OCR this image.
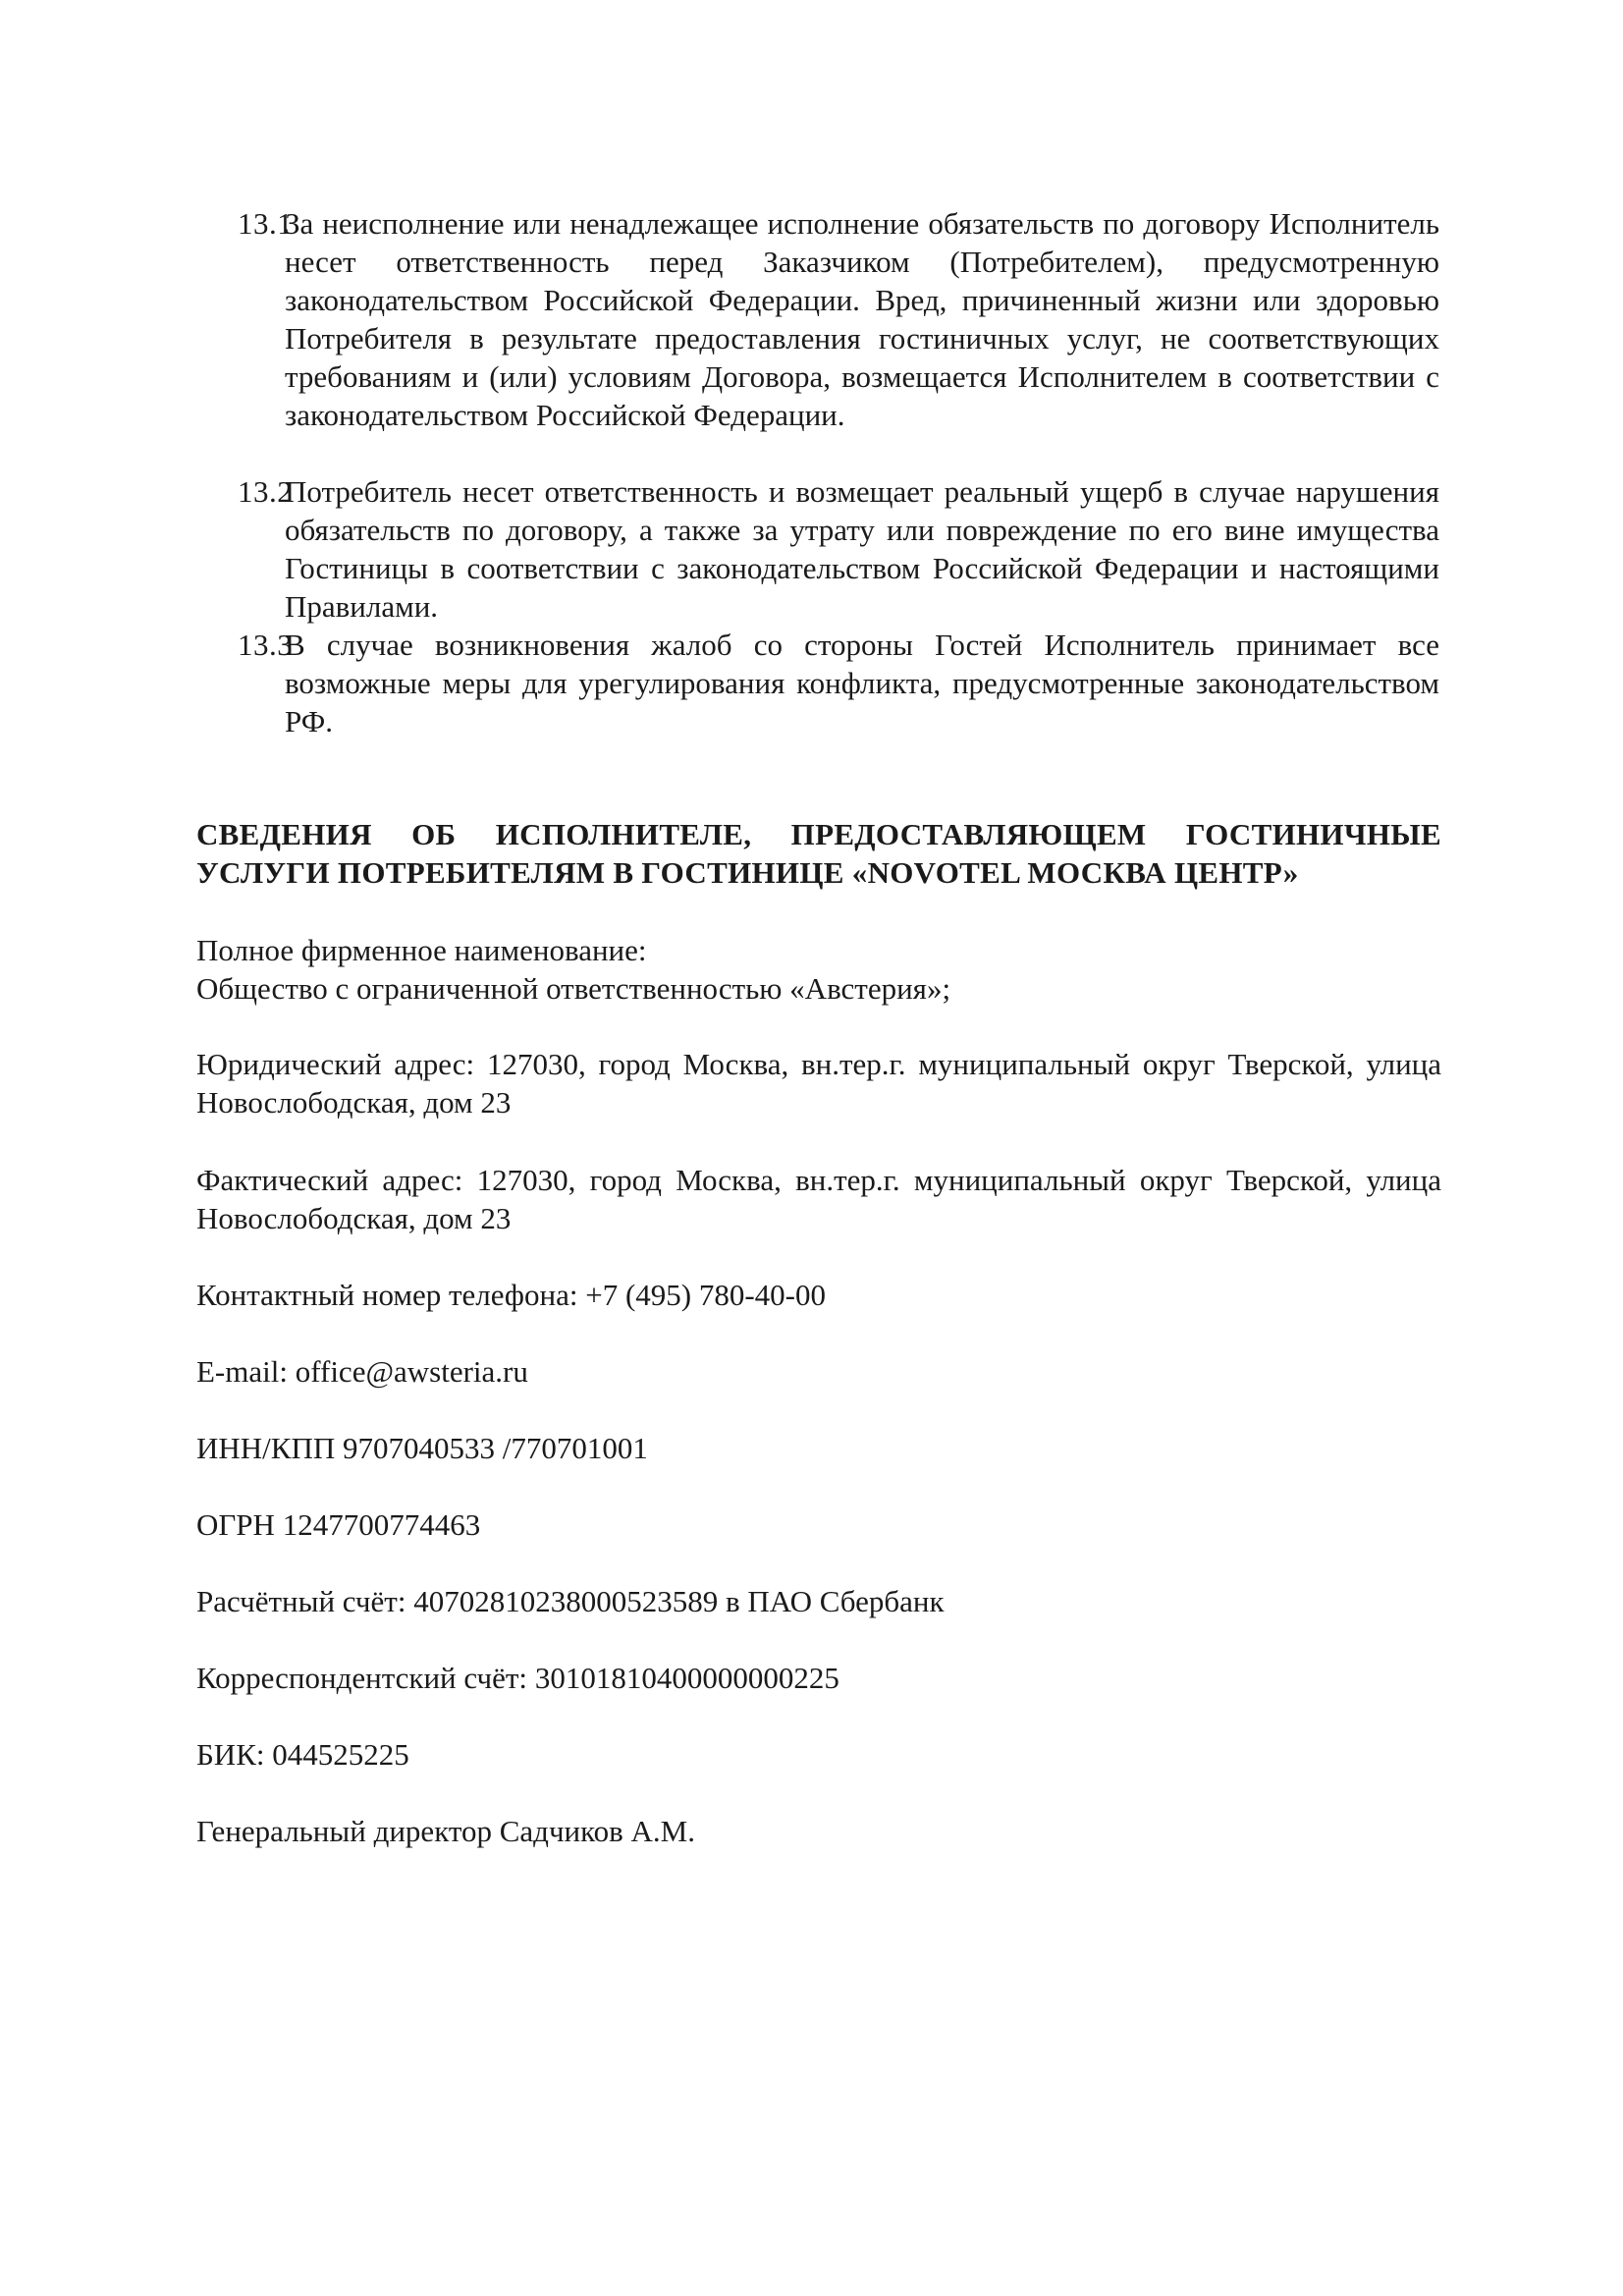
13.1
За неисполнение или ненадлежащее исполнение обязательств по договору Исполнитель несет ответственность перед Заказчиком (Потребителем), предусмотренную законодательством Российской Федерации. Вред, причиненный жизни или здоровью Потребителя в результате предоставления гостиничных услуг, не соответствующих требованиям и (или) условиям Договора, возмещается Исполнителем в соответствии с законодательством Российской Федерации.
13.2
Потребитель несет ответственность и возмещает реальный ущерб в случае нарушения обязательств по договору, а также за утрату или повреждение по его вине имущества Гостиницы в соответствии с законодательством Российской Федерации и настоящими Правилами.
13.3
В случае возникновения жалоб со стороны Гостей Исполнитель принимает все возможные меры для урегулирования конфликта, предусмотренные законодательством РФ.
СВЕДЕНИЯ ОБ ИСПОЛНИТЕЛЕ, ПРЕДОСТАВЛЯЮЩЕМ ГОСТИНИЧНЫЕ УСЛУГИ ПОТРЕБИТЕЛЯМ В ГОСТИНИЦЕ «NOVOTEL МОСКВА ЦЕНТР»
Полное фирменное наименование:
Общество с ограниченной ответственностью «Австерия»;
Юридический адрес: 127030, город Москва, вн.тер.г. муниципальный округ Тверской, улица Новослободская, дом 23
Фактический адрес: 127030, город Москва, вн.тер.г. муниципальный округ Тверской, улица Новослободская, дом 23
Контактный номер телефона: +7 (495) 780-40-00
E-mail: office@awsteria.ru
ИНН/КПП 9707040533 /770701001
ОГРН 1247700774463
Расчётный счёт: 40702810238000523589 в ПАО Сбербанк
Корреспондентский счёт: 30101810400000000225
БИК: 044525225
Генеральный директор Садчиков А.М.
